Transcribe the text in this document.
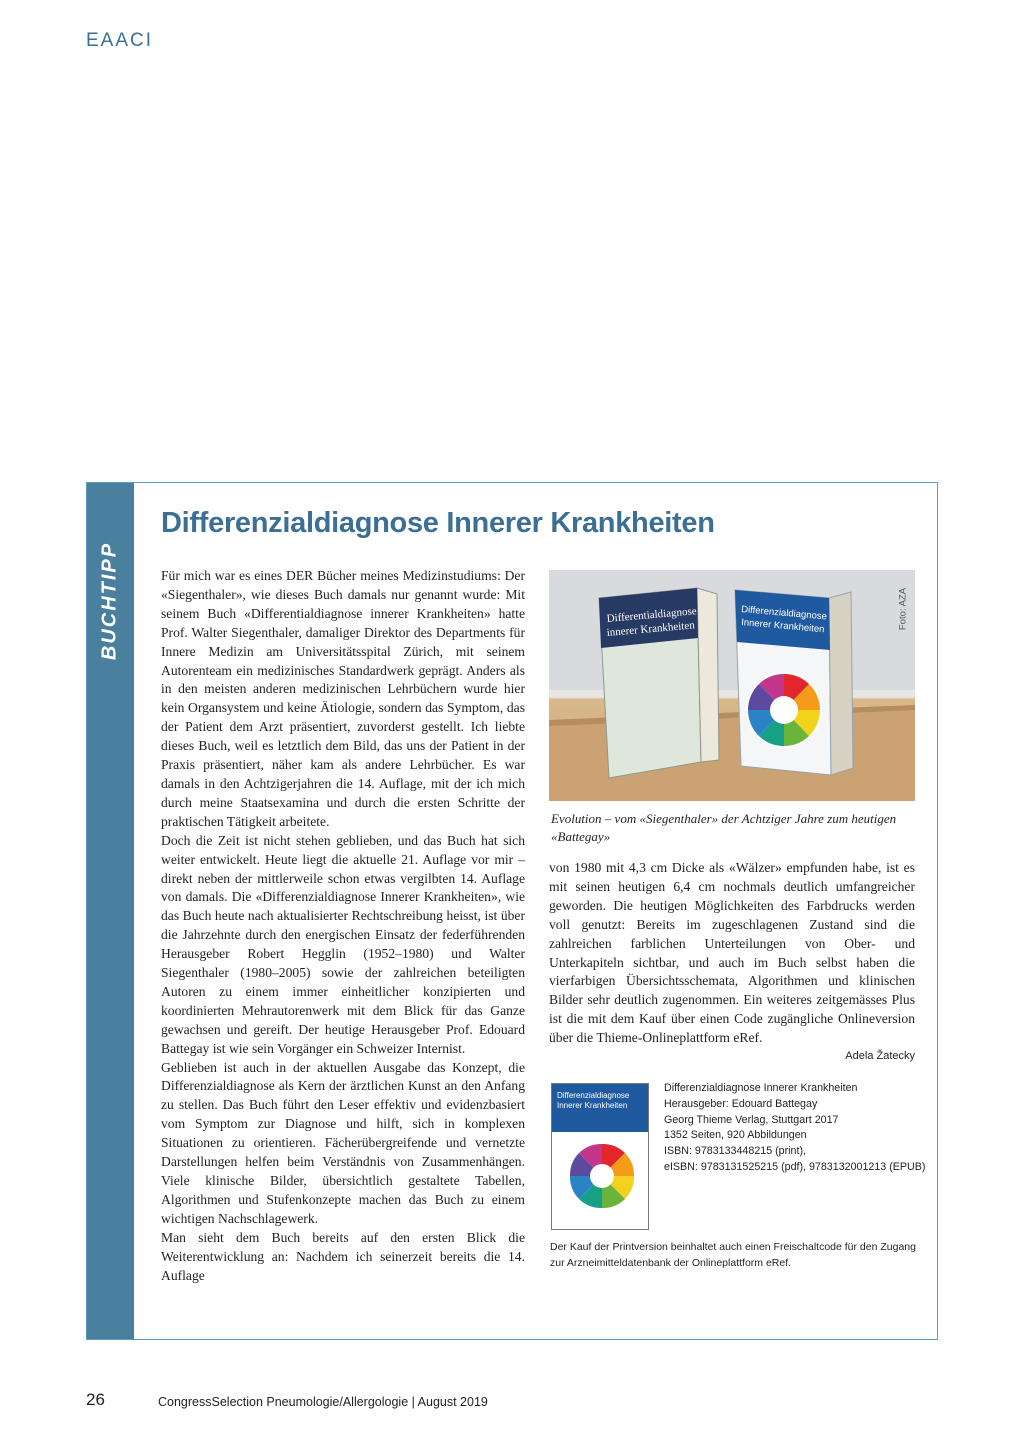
EAACI
BUCHTIPP
Differenzialdiagnose Innerer Krankheiten

Für mich war es eines DER Bücher meines Medizinstudiums: Der «Siegenthaler», wie dieses Buch damals nur genannt wurde: Mit seinem Buch «Differentialdiagnose innerer Krankheiten» hatte Prof. Walter Siegenthaler, damaliger Direktor des Departments für Innere Medizin am Universitätsspital Zürich, mit seinem Autorenteam ein medizinisches Standardwerk geprägt. Anders als in den meisten anderen medizinischen Lehrbüchern wurde hier kein Organsystem und keine Ätiologie, sondern das Symptom, das der Patient dem Arzt präsentiert, zuvorderst gestellt. Ich liebte dieses Buch, weil es letztlich dem Bild, das uns der Patient in der Praxis präsentiert, näher kam als andere Lehrbücher. Es war damals in den Achtzigerjahren die 14. Auflage, mit der ich mich durch meine Staatsexamina und durch die ersten Schritte der praktischen Tätigkeit arbeitete.

Doch die Zeit ist nicht stehen geblieben, und das Buch hat sich weiter entwickelt. Heute liegt die aktuelle 21. Auflage vor mir – direkt neben der mittlerweile schon etwas vergilbten 14. Auflage von damals. Die «Differenzialdiagnose Innerer Krankheiten», wie das Buch heute nach aktualisierter Rechtschreibung heisst, ist über die Jahrzehnte durch den energischen Einsatz der federführenden Herausgeber Robert Hegglin (1952–1980) und Walter Siegenthaler (1980–2005) sowie der zahlreichen beteiligten Autoren zu einem immer einheitlicher konzipierten und koordinierten Mehrautorenwerk mit dem Blick für das Ganze gewachsen und gereift. Der heutige Herausgeber Prof. Edouard Battegay ist wie sein Vorgänger ein Schweizer Internist.

Geblieben ist auch in der aktuellen Ausgabe das Konzept, die Differenzialdiagnose als Kern der ärztlichen Kunst an den Anfang zu stellen. Das Buch führt den Leser effektiv und evidenzbasiert vom Symptom zur Diagnose und hilft, sich in komplexen Situationen zu orientieren. Fächerübergreifende und vernetzte Darstellungen helfen beim Verständnis von Zusammenhängen. Viele klinische Bilder, übersichtlich gestaltete Tabellen, Algorithmen und Stufenkonzepte machen das Buch zu einem wichtigen Nachschlagewerk.

Man sieht dem Buch bereits auf den ersten Blick die Weiterentwicklung an: Nachdem ich seinerzeit bereits die 14. Auflage

Differentialdiagnose
innerer Krankheiten
Differenzialdiagnose
Innerer Krankheiten	Foto: AZA
Evolution – vom «Siegenthaler» der Achtziger Jahre zum heutigen «Battegay»

von 1980 mit 4,3 cm Dicke als «Wälzer» empfunden habe, ist es mit seinen heutigen 6,4 cm nochmals deutlich umfangreicher geworden. Die heutigen Möglichkeiten des Farbdrucks werden voll genutzt: Bereits im zugeschlagenen Zustand sind die zahlreichen farblichen Unterteilungen von Ober- und Unterkapiteln sichtbar, und auch im Buch selbst haben die vierfarbigen Übersichtsschemata, Algorithmen und klinischen Bilder sehr deutlich zugenommen. Ein weiteres zeitgemässes Plus ist die mit dem Kauf über einen Code zugängliche Onlineversion über die Thieme-Onlineplattform eRef.

Adela Žatecky
Differenzialdiagnose
Innerer Krankheiten
Differenzialdiagnose Innerer Krankheiten
Herausgeber: Edouard Battegay
Georg Thieme Verlag, Stuttgart 2017
1352 Seiten, 920 Abbildungen
ISBN: 9783133448215 (print),
eISBN: 9783131525215 (pdf), 9783132001213 (EPUB)
Der Kauf der Printversion beinhaltet auch einen Freischaltcode für den Zugang zur Arzneimitteldatenbank der Onlineplattform eRef.
26	CongressSelection Pneumologie/Allergologie | August 2019
